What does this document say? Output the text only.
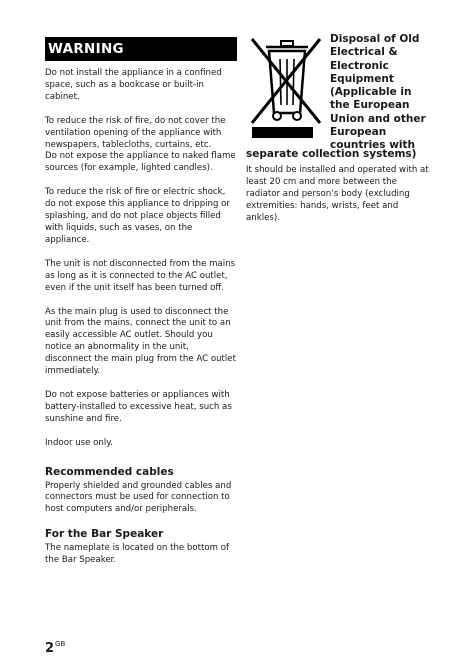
WARNING

Do not install the appliance in a confined space, such as a bookcase or built-in cabinet.

To reduce the risk of fire, do not cover the ventilation opening of the appliance with newspapers, tablecloths, curtains, etc.

Do not expose the appliance to naked flame sources (for example, lighted candles).

To reduce the risk of fire or electric shock, do not expose this appliance to dripping or splashing, and do not place objects filled with liquids, such as vases, on the appliance.

The unit is not disconnected from the mains as long as it is connected to the AC outlet, even if the unit itself has been turned off.

As the main plug is used to disconnect the unit from the mains, connect the unit to an easily accessible AC outlet. Should you notice an abnormality in the unit, disconnect the main plug from the AC outlet immediately.

Do not expose batteries or appliances with battery-installed to excessive heat, such as sunshine and fire.

Indoor use only.

Recommended cables

Properly shielded and grounded cables and connectors must be used for connection to host computers and/or peripherals.

For the Bar Speaker

The nameplate is located on the bottom of the Bar Speaker.

$2^{GB}$
Disposal of Old Electrical & Electronic Equipment (Applicable in the European Union and other European countries with
separate collection systems)
It should be installed and operated with at least 20 cm and more between the radiator and person’s body (excluding extremities: hands, wrists, feet and ankles).
